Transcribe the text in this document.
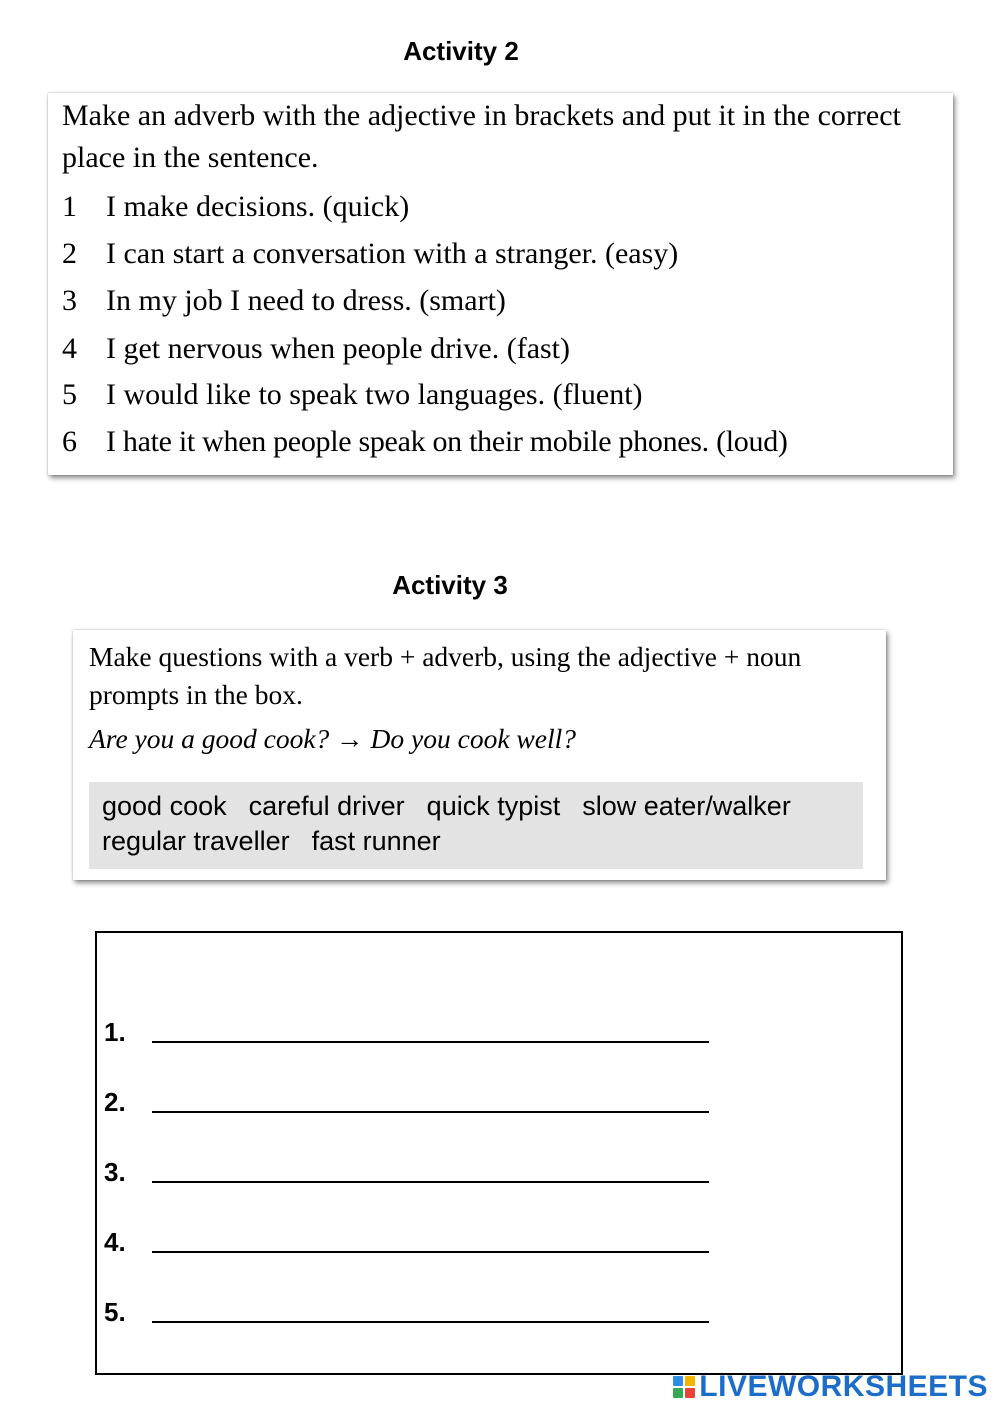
Activity 2
Make an adverb with the adjective in brackets and put it in the correct place in the sentence.
1 I make decisions. (quick)
2 I can start a conversation with a stranger. (easy)
3 In my job I need to dress. (smart)
4 I get nervous when people drive. (fast)
5 I would like to speak two languages. (fluent)
6 I hate it when people speak on their mobile phones. (loud)
Activity 3
Make questions with a verb + adverb, using the adjective + noun prompts in the box.
Are you a good cook? → Do you cook well?
good cook careful driver quick typist slow eater/walker
regular traveller fast runner
1.
2.
3.
4.
5.
LIVEWORKSHEETS
